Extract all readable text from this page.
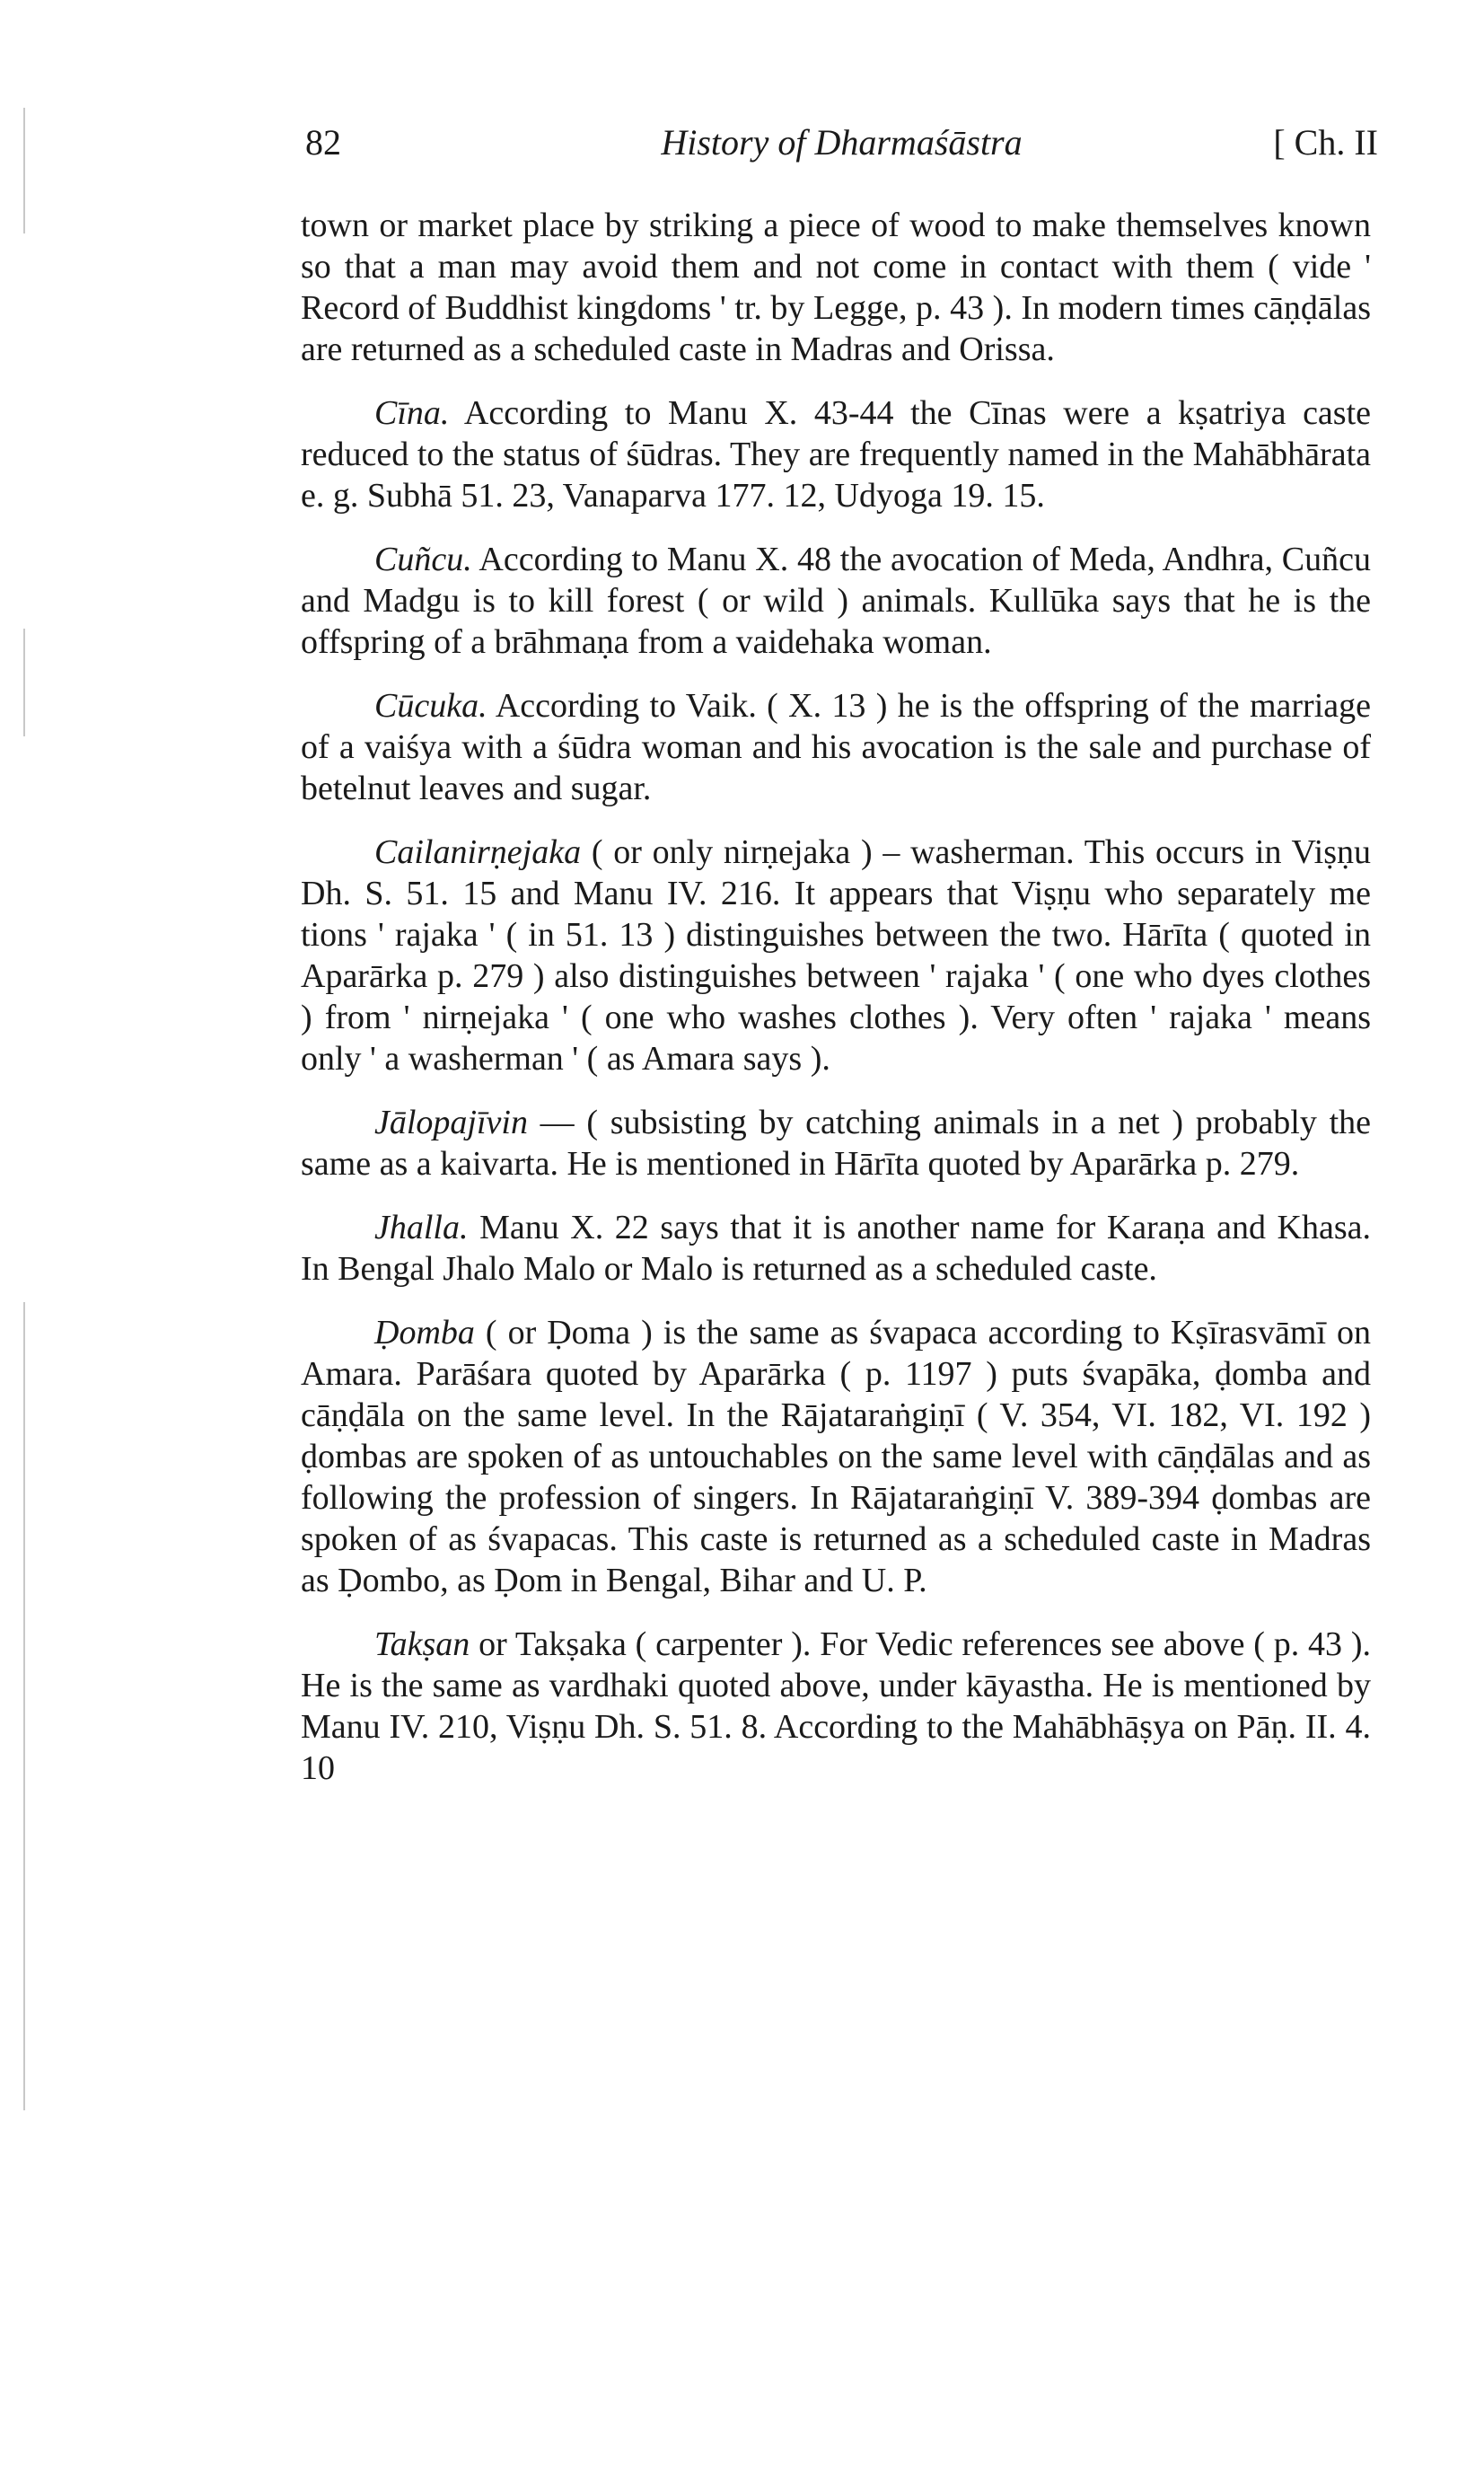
82	History of Dharmaśāstra	[ Ch. II

town or market place by striking a piece of wood to make themselves known so that a man may avoid them and not come in contact with them ( vide ' Record of Buddhist kingdoms ' tr. by Legge, p. 43 ). In modern times cāṇḍālas are returned as a scheduled caste in Madras and Orissa.

Cīna. According to Manu X. 43-44 the Cīnas were a kṣatriya caste reduced to the status of śūdras. They are frequently named in the Mahābhārata e. g. Subhā 51. 23, Vanaparva 177. 12, Udyoga 19. 15.

Cuñcu. According to Manu X. 48 the avocation of Meda, Andhra, Cuñcu and Madgu is to kill forest ( or wild ) animals. Kullūka says that he is the offspring of a brāhmaṇa from a vaidehaka woman.

Cūcuka. According to Vaik. ( X. 13 ) he is the offspring of the marriage of a vaiśya with a śūdra woman and his avocation is the sale and purchase of betelnut leaves and sugar.

Cailanirṇejaka ( or only nirṇejaka ) – washerman. This occurs in Viṣṇu Dh. S. 51. 15 and Manu IV. 216. It appears that Viṣṇu who separately me tions ' rajaka ' ( in 51. 13 ) distinguishes between the two. Hārīta ( quoted in Aparārka p. 279 ) also distinguishes between ' rajaka ' ( one who dyes clothes ) from ' nirṇejaka ' ( one who washes clothes ). Very often ' rajaka ' means only ' a washerman ' ( as Amara says ).

Jālopajīvin — ( subsisting by catching animals in a net ) probably the same as a kaivarta. He is mentioned in Hārīta quoted by Aparārka p. 279.

Jhalla. Manu X. 22 says that it is another name for Karaṇa and Khasa. In Bengal Jhalo Malo or Malo is returned as a scheduled caste.

Ḍomba ( or Ḍoma ) is the same as śvapaca according to Kṣīrasvāmī on Amara. Parāśara quoted by Aparārka ( p. 1197 ) puts śvapāka, ḍomba and cāṇḍāla on the same level. In the Rājataraṅgiṇī ( V. 354, VI. 182, VI. 192 ) ḍombas are spoken of as untouchables on the same level with cāṇḍālas and as following the profession of singers. In Rājataraṅgiṇī V. 389-394 ḍombas are spoken of as śvapacas. This caste is returned as a scheduled caste in Madras as Ḍombo, as Ḍom in Bengal, Bihar and U. P.

Takṣan or Takṣaka ( carpenter ). For Vedic references see above ( p. 43 ). He is the same as vardhaki quoted above, under kāyastha. He is mentioned by Manu IV. 210, Viṣṇu Dh. S. 51. 8. According to the Mahābhāṣya on Pāṇ. II. 4. 10
